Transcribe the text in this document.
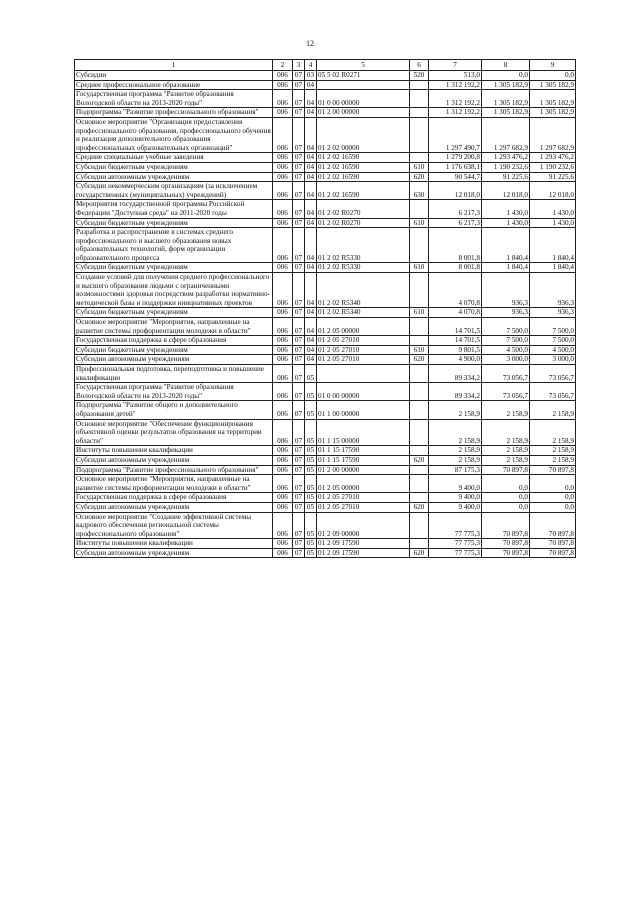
12
1	2	3	4	5	6	7	8	9
Субсидии	006	07	03	05 5 02 R0271	520	513,0	0,0	0,0
Среднее профессиональное образование	006	07	04			1 312 192,2	1 305 182,9	1 305 182,9
Государственная программа "Развитие образования Вологодской области на 2013-2020 годы"	006	07	04	01 0 00 00000		1 312 192,2	1 305 182,9	1 305 182,9
Подпрограмма "Развитие профессионального образования"	006	07	04	01 2 00 00000		1 312 192,2	1 305 182,9	1 305 182,9
Основное мероприятие "Организация предоставления профессионального образования, профессионального обучения и реализация дополнительного образования профессиональных образовательных организаций"	006	07	04	01 2 02 00000		1 297 490,7	1 297 682,9	1 297 682,9
Средние специальные учебные заведения	006	07	04	01 2 02 16590		1 279 200,8	1 293 476,2	1 293 476,2
Субсидии бюджетным учреждениям	006	07	04	01 2 02 16590	610	1 176 638,1	1 190 232,6	1 190 232,6
Субсидии автономным учреждениям	006	07	04	01 2 02 16590	620	90 544,7	91 225,6	91 225,6
Субсидии некоммерческим организациям (за исключением государственных (муниципальных) учреждений)	006	07	04	01 2 02 16590	630	12 018,0	12 018,0	12 018,0
Мероприятия государственной программы Российской Федерации "Доступная среда" на 2011-2020 годы	006	07	04	01 2 02 R0270		6 217,3	1 430,0	1 430,0
Субсидии бюджетным учреждениям	006	07	04	01 2 02 R0270	610	6 217,3	1 430,0	1 430,0
Разработка и распространение в системах среднего профессионального и высшего образования новых образовательных технологий, форм организации образовательного процесса	006	07	04	01 2 02 R5330		8 001,8	1 840,4	1 840,4
Субсидии бюджетным учреждениям	006	07	04	01 2 02 R5330	610	8 001,8	1 840,4	1 840,4
Создание условий для получения среднего профессионального и высшего образования людьми с ограниченными возможностями здоровья посредством разработки нормативно-методической базы и поддержки инициативных проектов	006	07	04	01 2 02 R5340		4 070,8	936,3	936,3
Субсидии бюджетным учреждениям	006	07	04	01 2 02 R5340	610	4 070,8	936,3	936,3
Основное мероприятие "Мероприятия, направленные на развитие системы профориентации молодежи в области"	006	07	04	01 2 05 00000		14 701,5	7 500,0	7 500,0
Государственная поддержка в сфере образования	006	07	04	01 2 05 27010		14 701,5	7 500,0	7 500,0
Субсидии бюджетным учреждениям	006	07	04	01 2 05 27010	610	9 801,5	4 500,0	4 500,0
Субсидии автономным учреждениям	006	07	04	01 2 05 27010	620	4 900,0	3 000,0	3 000,0
Профессиональная подготовка, переподготовка и повышение квалификации	006	07	05			89 334,2	73 056,7	73 056,7
Государственная программа "Развитие образования Вологодской области на 2013-2020 годы"	006	07	05	01 0 00 00000		89 334,2	73 056,7	73 056,7
Подпрограмма "Развитие общего и дополнительного образования детей"	006	07	05	01 1 00 00000		2 158,9	2 158,9	2 158,9
Основное мероприятие "Обеспечение функционирования объективной оценки результатов образования на территории области"	006	07	05	01 1 15 00000		2 158,9	2 158,9	2 158,9
Институты повышения квалификации	006	07	05	01 1 15 17590		2 158,9	2 158,9	2 158,9
Субсидии автономным учреждениям	006	07	05	01 1 15 17590	620	2 158,9	2 158,9	2 158,9
Подпрограмма "Развитие профессионального образования"	006	07	05	01 2 00 00000		87 175,3	70 897,8	70 897,8
Основное мероприятие "Мероприятия, направленные на развитие системы профориентации молодежи в области"	006	07	05	01 2 05 00000		9 400,0	0,0	0,0
Государственная поддержка в сфере образования	006	07	05	01 2 05 27010		9 400,0	0,0	0,0
Субсидии автономным учреждениям	006	07	05	01 2 05 27010	620	9 400,0	0,0	0,0
Основное мероприятие "Создание эффективной системы кадрового обеспечения региональной системы профессионального образования"	006	07	05	01 2 09 00000		77 775,3	70 897,8	70 897,8
Институты повышения квалификации	006	07	05	01 2 09 17590		77 775,3	70 897,8	70 897,8
Субсидии автономным учреждениям	006	07	05	01 2 09 17590	620	77 775,3	70 897,8	70 897,8
